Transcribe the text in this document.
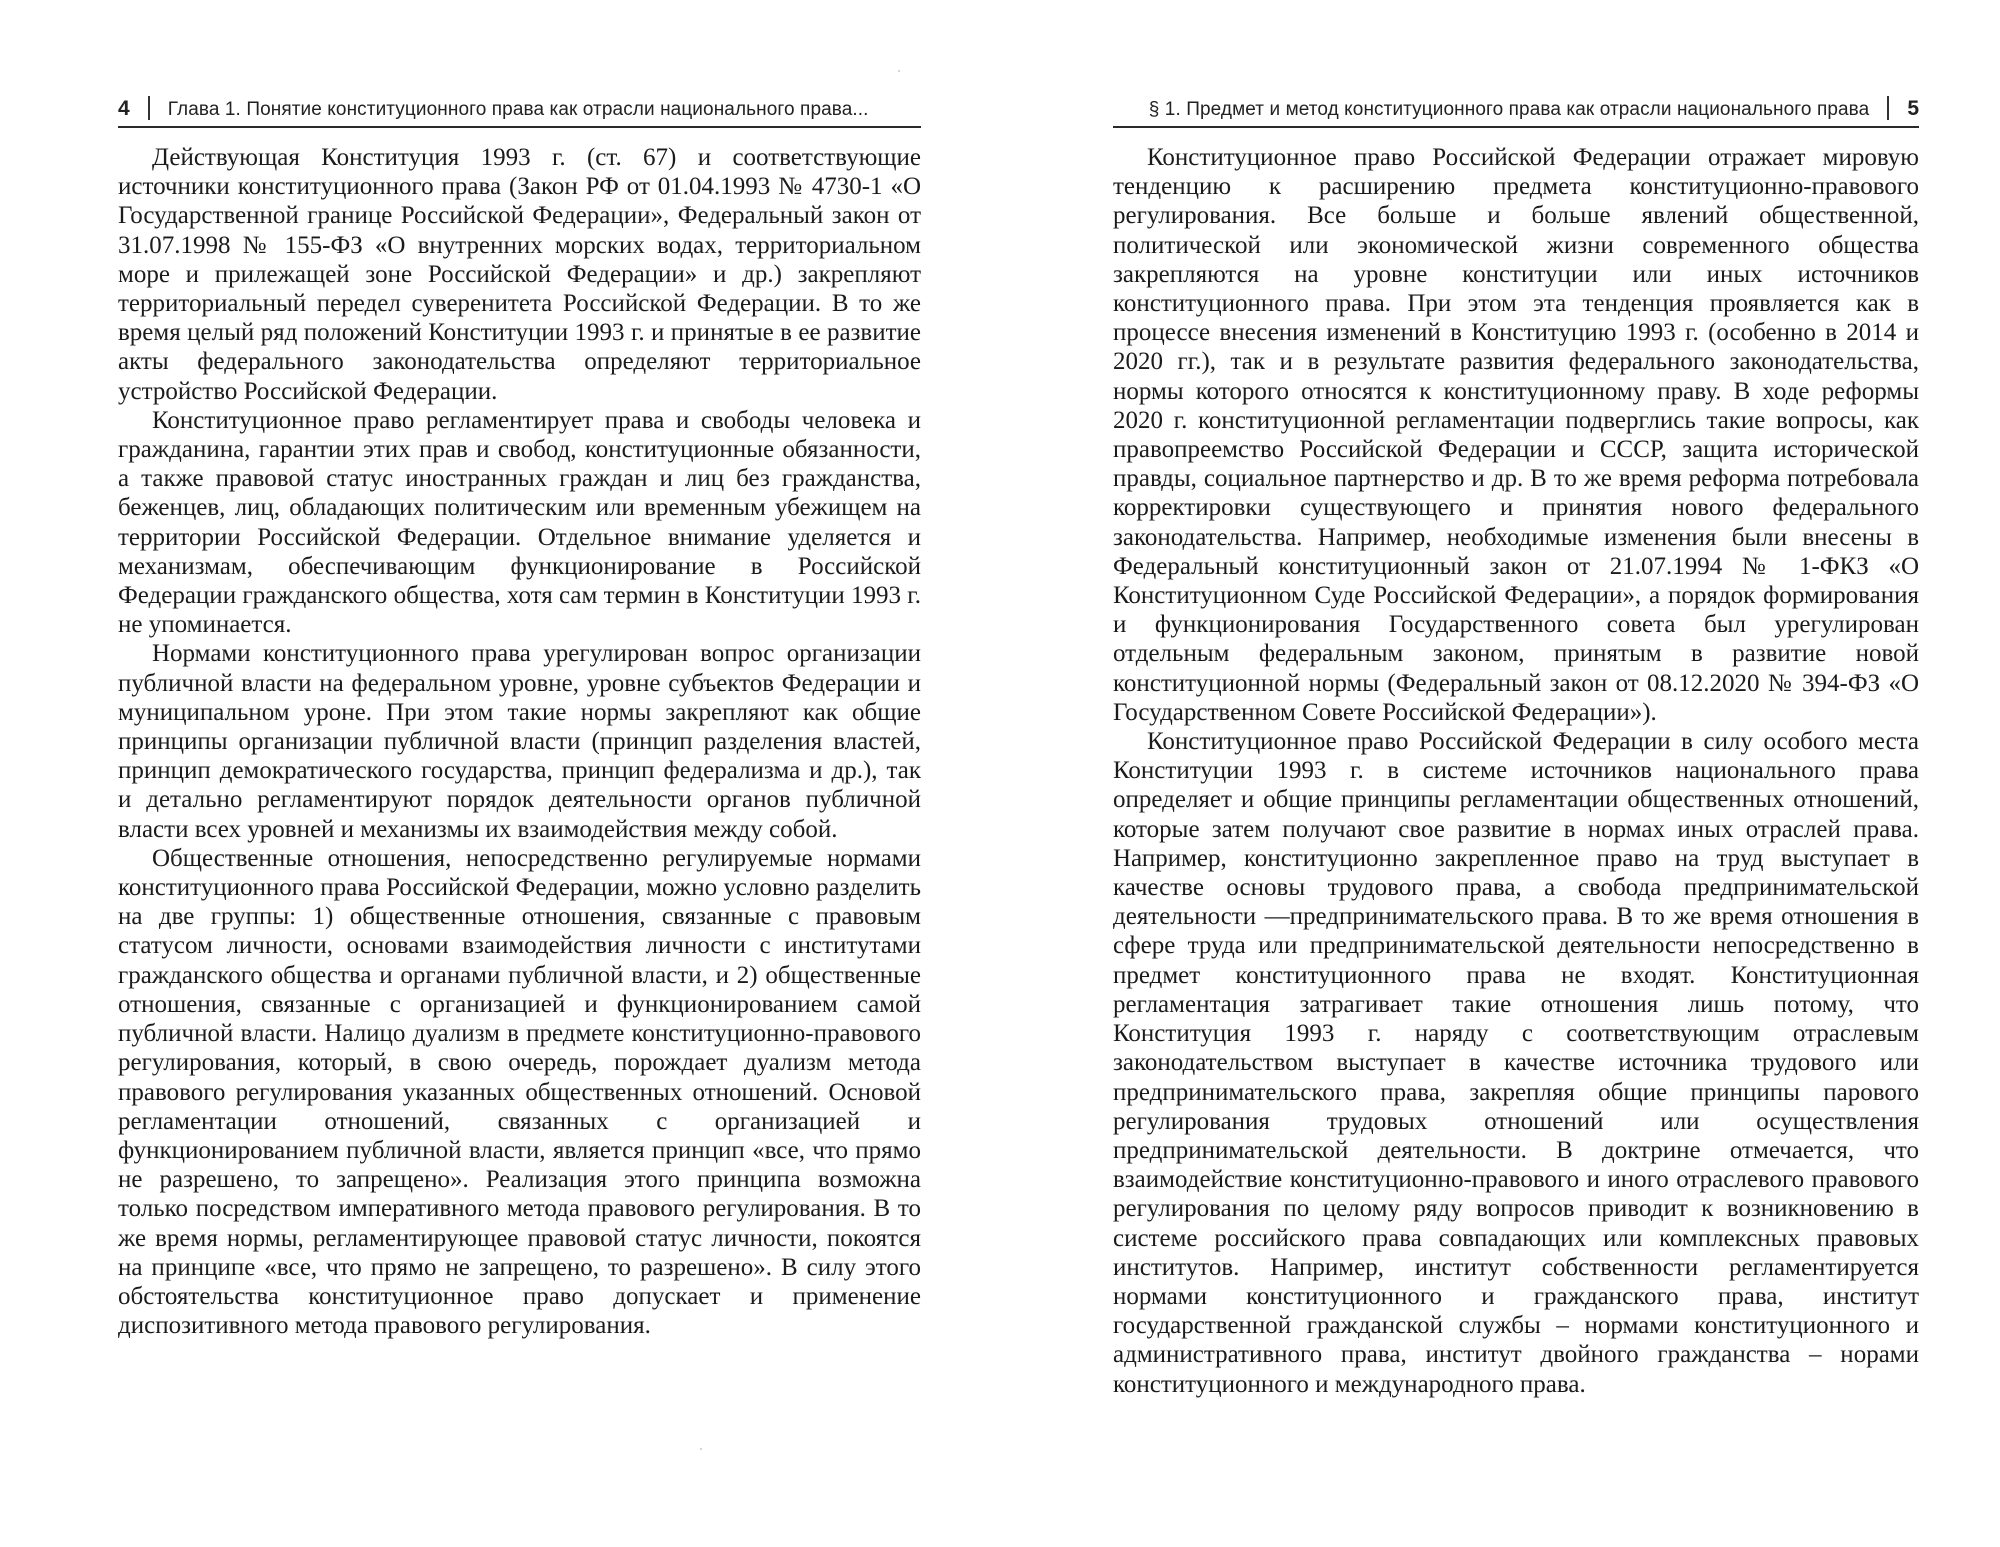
4 Глава 1. Понятие конституционного права как отрасли национального права...

Действующая Конституция 1993 г. (ст. 67) и соответствующие источники конституционного права (Закон РФ от 01.04.1993 № 4730-1 «О Государственной границе Российской Федерации», Федеральный закон от 31.07.1998 № 155-ФЗ «О внутренних морских водах, территориальном море и прилежащей зоне Российской Федерации» и др.) закрепляют территориальный передел суверенитета Российской Федерации. В то же время целый ряд положений Конституции 1993 г. и принятые в ее развитие акты федерального законодательства определяют территориальное устройство Российской Федерации.

Конституционное право регламентирует права и свободы человека и гражданина, гарантии этих прав и свобод, конституционные обязанности, а также правовой статус иностранных граждан и лиц без гражданства, беженцев, лиц, обладающих политическим или временным убежищем на территории Российской Федерации. Отдельное внимание уделяется и механизмам, обеспечивающим функционирование в Российской Федерации гражданского общества, хотя сам термин в Конституции 1993 г. не упоминается.

Нормами конституционного права урегулирован вопрос организации публичной власти на федеральном уровне, уровне субъектов Федерации и муниципальном уроне. При этом такие нормы закрепляют как общие принципы организации публичной власти (принцип разделения властей, принцип демократического государства, принцип федерализма и др.), так и детально регламентируют порядок деятельности органов публичной власти всех уровней и механизмы их взаимодействия между собой.

Общественные отношения, непосредственно регулируемые нормами конституционного права Российской Федерации, можно условно разделить на две группы: 1) общественные отношения, связанные с правовым статусом личности, основами взаимодействия личности с институтами гражданского общества и органами публичной власти, и 2) общественные отношения, связанные с организацией и функционированием самой публичной власти. Налицо дуализм в предмете конституционно-правового регулирования, который, в свою очередь, порождает дуализм метода правового регулирования указанных общественных отношений. Основой регламентации отношений, связанных с организацией и функционированием публичной власти, является принцип «все, что прямо не разрешено, то запрещено». Реализация этого принципа возможна только посредством императивного метода правового регулирования. В то же время нормы, регламентирующее правовой статус личности, покоятся на принципе «все, что прямо не запрещено, то разрешено». В силу этого обстоятельства конституционное право допускает и применение диспозитивного метода правового регулирования.

§ 1. Предмет и метод конституционного права как отрасли национального права 5

Конституционное право Российской Федерации отражает мировую тенденцию к расширению предмета конституционно-правового регулирования. Все больше и больше явлений общественной, политической или экономической жизни современного общества закрепляются на уровне конституции или иных источников конституционного права. При этом эта тенденция проявляется как в процессе внесения изменений в Конституцию 1993 г. (особенно в 2014 и 2020 гг.), так и в результате развития федерального законодательства, нормы которого относятся к конституционному праву. В ходе реформы 2020 г. конституционной регламентации подверглись такие вопросы, как правопреемство Российской Федерации и СССР, защита исторической правды, социальное партнерство и др. В то же время реформа потребовала корректировки существующего и принятия нового федерального законодательства. Например, необходимые изменения были внесены в Федеральный конституционный закон от 21.07.1994 № 1-ФКЗ «О Конституционном Суде Российской Федерации», а порядок формирования и функционирования Государственного совета был урегулирован отдельным федеральным законом, принятым в развитие новой конституционной нормы (Федеральный закон от 08.12.2020 № 394-ФЗ «О Государственном Совете Российской Федерации»).

Конституционное право Российской Федерации в силу особого места Конституции 1993 г. в системе источников национального права определяет и общие принципы регламентации общественных отношений, которые затем получают свое развитие в нормах иных отраслей права. Например, конституционно закрепленное право на труд выступает в качестве основы трудового права, а свобода предпринимательской деятельности —предпринимательского права. В то же время отношения в сфере труда или предпринимательской деятельности непосредственно в предмет конституционного права не входят. Конституционная регламентация затрагивает такие отношения лишь потому, что Конституция 1993 г. наряду с соответствующим отраслевым законодательством выступает в качестве источника трудового или предпринимательского права, закрепляя общие принципы парового регулирования трудовых отношений или осуществления предпринимательской деятельности. В доктрине отмечается, что взаимодействие конституционно-правового и иного отраслевого правового регулирования по целому ряду вопросов приводит к возникновению в системе российского права совпадающих или комплексных правовых институтов. Например, институт собственности регламентируется нормами конституционного и гражданского права, институт государственной гражданской службы – нормами конституционного и административного права, институт двойного гражданства – норами конституционного и международного права.
